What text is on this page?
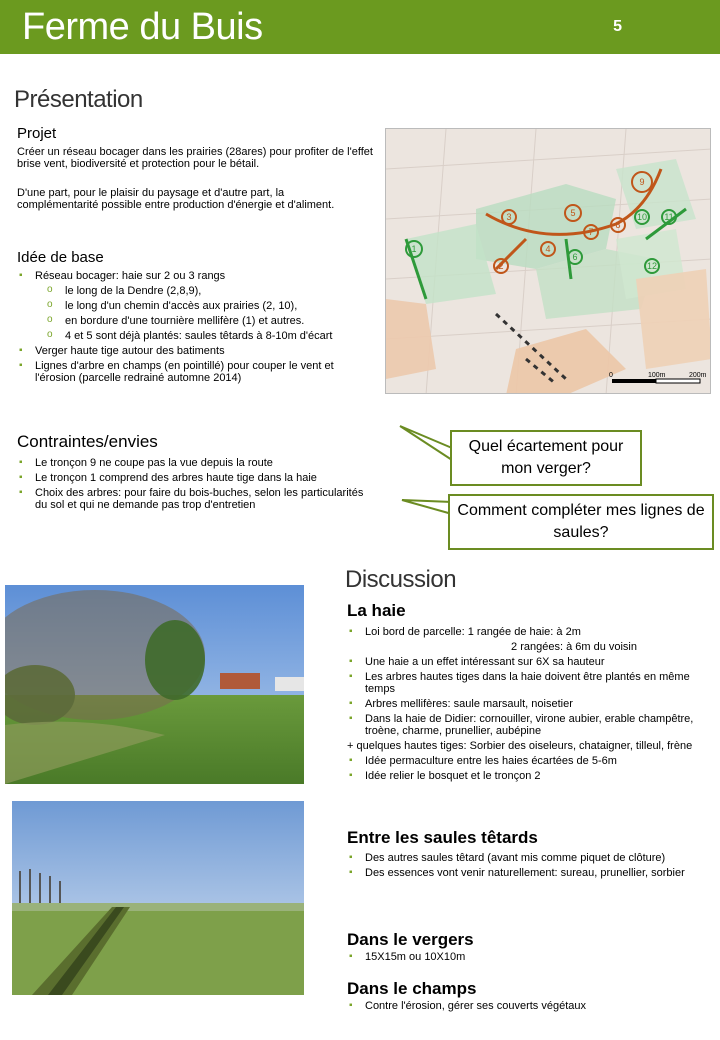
Ferme du Buis	5
Présentation
Projet
Créer un réseau bocager dans les prairies (28ares) pour profiter de l'effet brise vent, biodiversité et protection pour le bétail.
D'une part, pour le plaisir du paysage et d'autre part, la complémentarité possible entre production d'énergie et d'aliment.
Idée de base
▪ Réseau bocager: haie sur 2 ou 3 rangs
o le long de la Dendre (2,8,9),
o le long d'un chemin d'accès aux prairies (2, 10),
o en bordure d'une tournière mellifère (1) et autres.
o 4 et 5 sont déjà plantés: saules têtards à 8-10m d'écart
▪ Verger haute tige autour des batiments
▪ Lignes d'arbre en champs (en pointillé) pour couper le vent et l'érosion (parcelle redrainé automne 2014)
Contraintes/envies
▪ Le tronçon 9 ne coupe pas la vue depuis la route
▪ Le tronçon 1 comprend des arbres haute tige dans la haie
▪ Choix des arbres: pour faire du bois-buches, selon les particularités du sol et qui ne demande pas trop d'entretien
1
2
3
4
5
6
7
8
9
10 11
12
0	100m	200m
Quel écartement pour mon verger?
Comment compléter mes lignes de saules?
Discussion
La haie
▪ Loi bord de parcelle: 1 rangée de haie: à 2m
2 rangées: à 6m du voisin
▪ Une haie a un effet intéressant sur 6X sa hauteur
▪ Les arbres hautes tiges dans la haie doivent être plantés en même temps
▪ Arbres mellifères: saule marsault, noisetier
▪ Dans la haie de Didier: cornouiller, virone aubier, erable champêtre, troène, charme, prunellier, aubépine
+ quelques hautes tiges: Sorbier des oiseleurs, chataigner, tilleul, frène
▪ Idée permaculture entre les haies écartées de 5-6m
▪ Idée relier le bosquet et le tronçon 2
Entre les saules têtards
▪ Des autres saules têtard (avant mis comme piquet de clôture)
▪ Des essences vont venir naturellement: sureau, prunellier, sorbier
Dans le vergers
▪ 15X15m ou 10X10m
Dans le champs
▪ Contre l'érosion, gérer ses couverts végétaux
